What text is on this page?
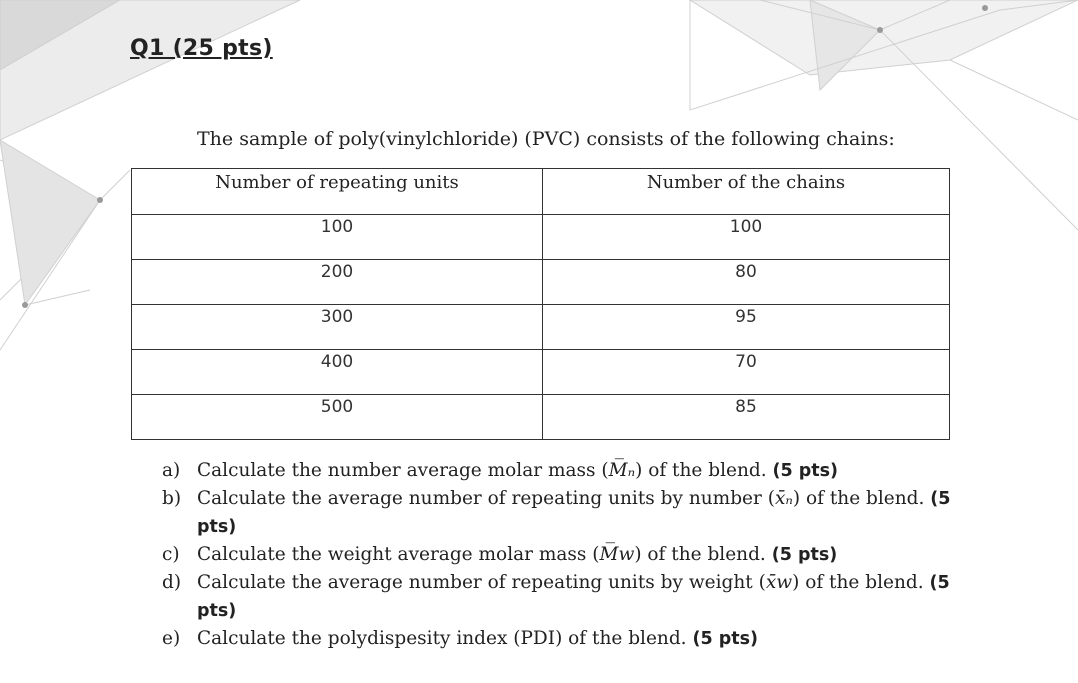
Q1 (25 pts)

The sample of poly(vinylchloride) (PVC) consists of the following chains:

Number of repeating units	Number of the chains
100	100
200	80
300	95
400	70
500	85
a) Calculate the number average molar mass (M̅ₙ) of the blend. (5 pts)
b) Calculate the average number of repeating units by number (x̄ₙ) of the blend. (5 pts)
c) Calculate the weight average molar mass (M̅w) of the blend. (5 pts)
d) Calculate the average number of repeating units by weight (x̄w) of the blend. (5 pts)
e) Calculate the polydispesity index (PDI) of the blend. (5 pts)
